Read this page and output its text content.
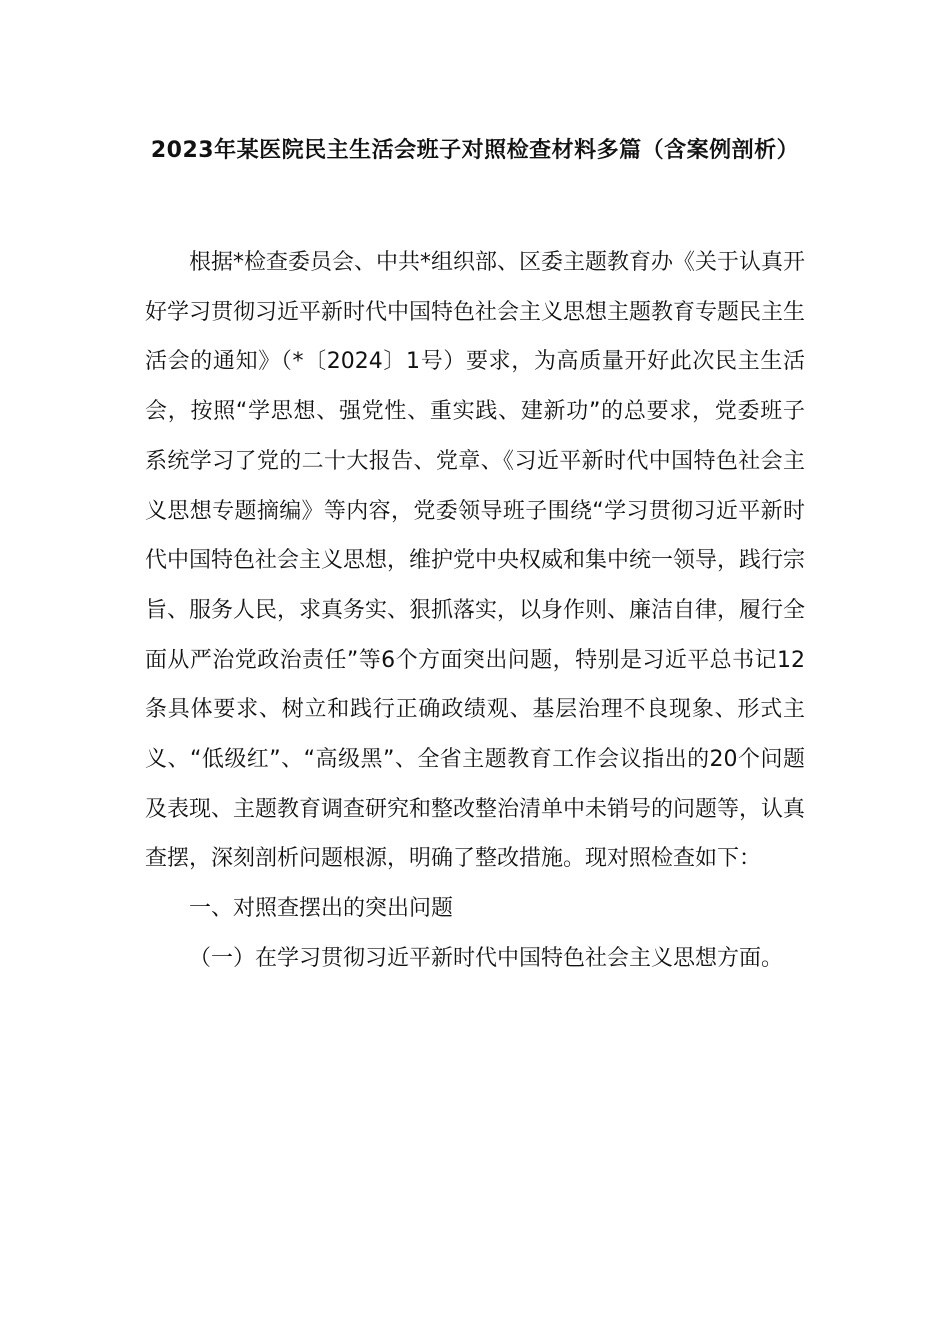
2023年某医院民主生活会班子对照检查材料多篇（含案例剖析）

根据*检查委员会、中共*组织部、区委主题教育办《关于认真开好学习贯彻习近平新时代中国特色社会主义思想主题教育专题民主生活会的通知》（*〔2024〕1号）要求，为高质量开好此次民主生活会，按照“学思想、强党性、重实践、建新功”的总要求，党委班子系统学习了党的二十大报告、党章、《习近平新时代中国特色社会主义思想专题摘编》等内容，党委领导班子围绕“学习贯彻习近平新时代中国特色社会主义思想，维护党中央权威和集中统一领导，践行宗旨、服务人民，求真务实、狠抓落实，以身作则、廉洁自律，履行全面从严治党政治责任”等6个方面突出问题，特别是习近平总书记12条具体要求、树立和践行正确政绩观、基层治理不良现象、形式主义、“低级红”、“高级黑”、全省主题教育工作会议指出的20个问题及表现、主题教育调查研究和整改整治清单中未销号的问题等，认真查摆，深刻剖析问题根源，明确了整改措施。现对照检查如下：

一、对照查摆出的突出问题

（一）在学习贯彻习近平新时代中国特色社会主义思想方面。
